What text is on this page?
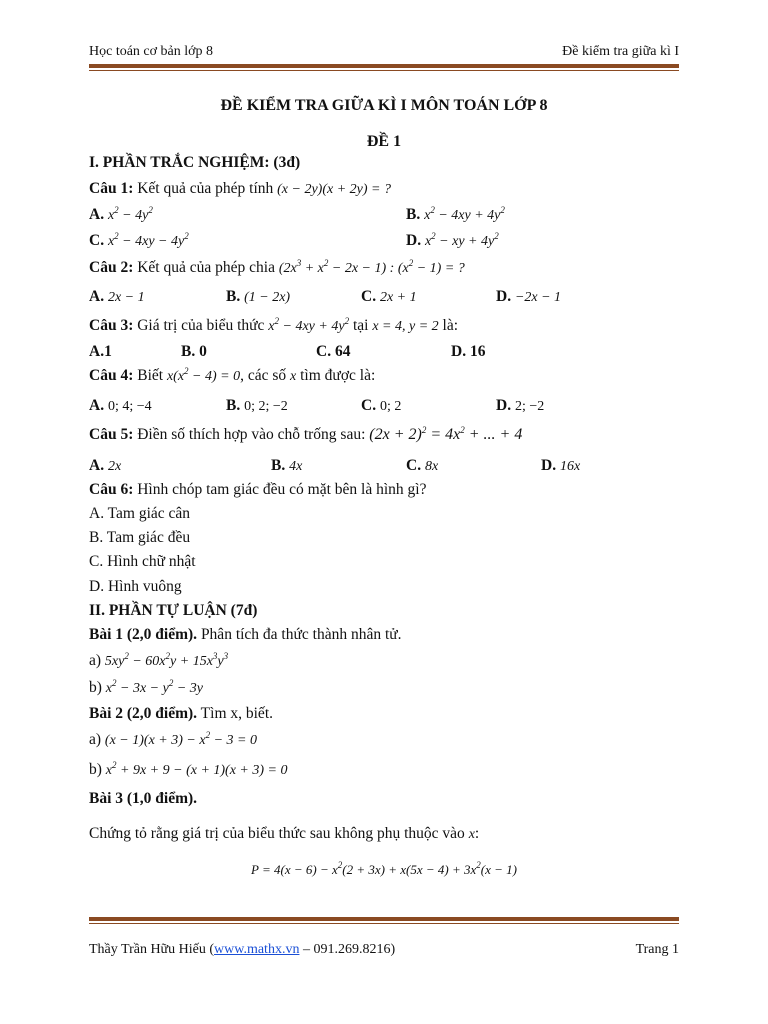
Học toán cơ bản lớp 8	Đề kiểm tra giữa kì I
ĐỀ KIỂM TRA GIỮA KÌ I MÔN TOÁN LỚP 8
ĐỀ 1
I. PHẦN TRẮC NGHIỆM: (3đ)
Câu 1: Kết quả của phép tính (x − 2y)(x + 2y) = ?
A. $x^2 - 4y^2$	B. $x^2 - 4xy + 4y^2$
C. $x^2 - 4xy - 4y^2$	D. $x^2$ − xy + $4y^2$
Câu 2: Kết quả của phép chia $(2x^3 + x^2 - 2x - 1)$ : $(x^2 - 1)$ = ?
A. 2x − 1	B. (1 − 2x)	C. 2x + 1	D. −2x − 1
Câu 3: Giá trị của biểu thức $x^2 - 4xy + 4y^2$ tại x = 4, y = 2 là:
A.1	B. 0	C. 64	D. 16
Câu 4: Biết $x(x^2 - 4) = 0$, các số x tìm được là:
A. 0; 4; −4	B. 0; 2; −2	C. 0; 2	D. 2; −2
Câu 5: Điền số thích hợp vào chỗ trống sau: $(2x + 2)^2 = 4x^2$ + ... + 4
A. 2x	B. 4x	C. 8x	D. 16x
Câu 6: Hình chóp tam giác đều có mặt bên là hình gì?
A. Tam giác cân
B. Tam giác đều
C. Hình chữ nhật
D. Hình vuông
II. PHẦN TỰ LUẬN (7đ)
Bài 1 (2,0 điểm). Phân tích đa thức thành nhân tử.
a) $5xy^2 - 60x^2y + 15x^3y^3$
b) $x^2 - 3x - y^2 - 3y$
Bài 2 (2,0 điểm). Tìm x, biết.
a) $(x - 1)(x + 3) - x^2 - 3 = 0$
b) $x^2 + 9x + 9 - (x + 1)(x + 3) = 0$
Bài 3 (1,0 điểm).
Chứng tỏ rằng giá trị của biểu thức sau không phụ thuộc vào x:
$P = 4(x - 6) - x^2(2 + 3x) + x(5x - 4) + 3x^2(x - 1)$
Thầy Trần Hữu Hiếu (www.mathx.vn – 091.269.8216)	Trang 1
